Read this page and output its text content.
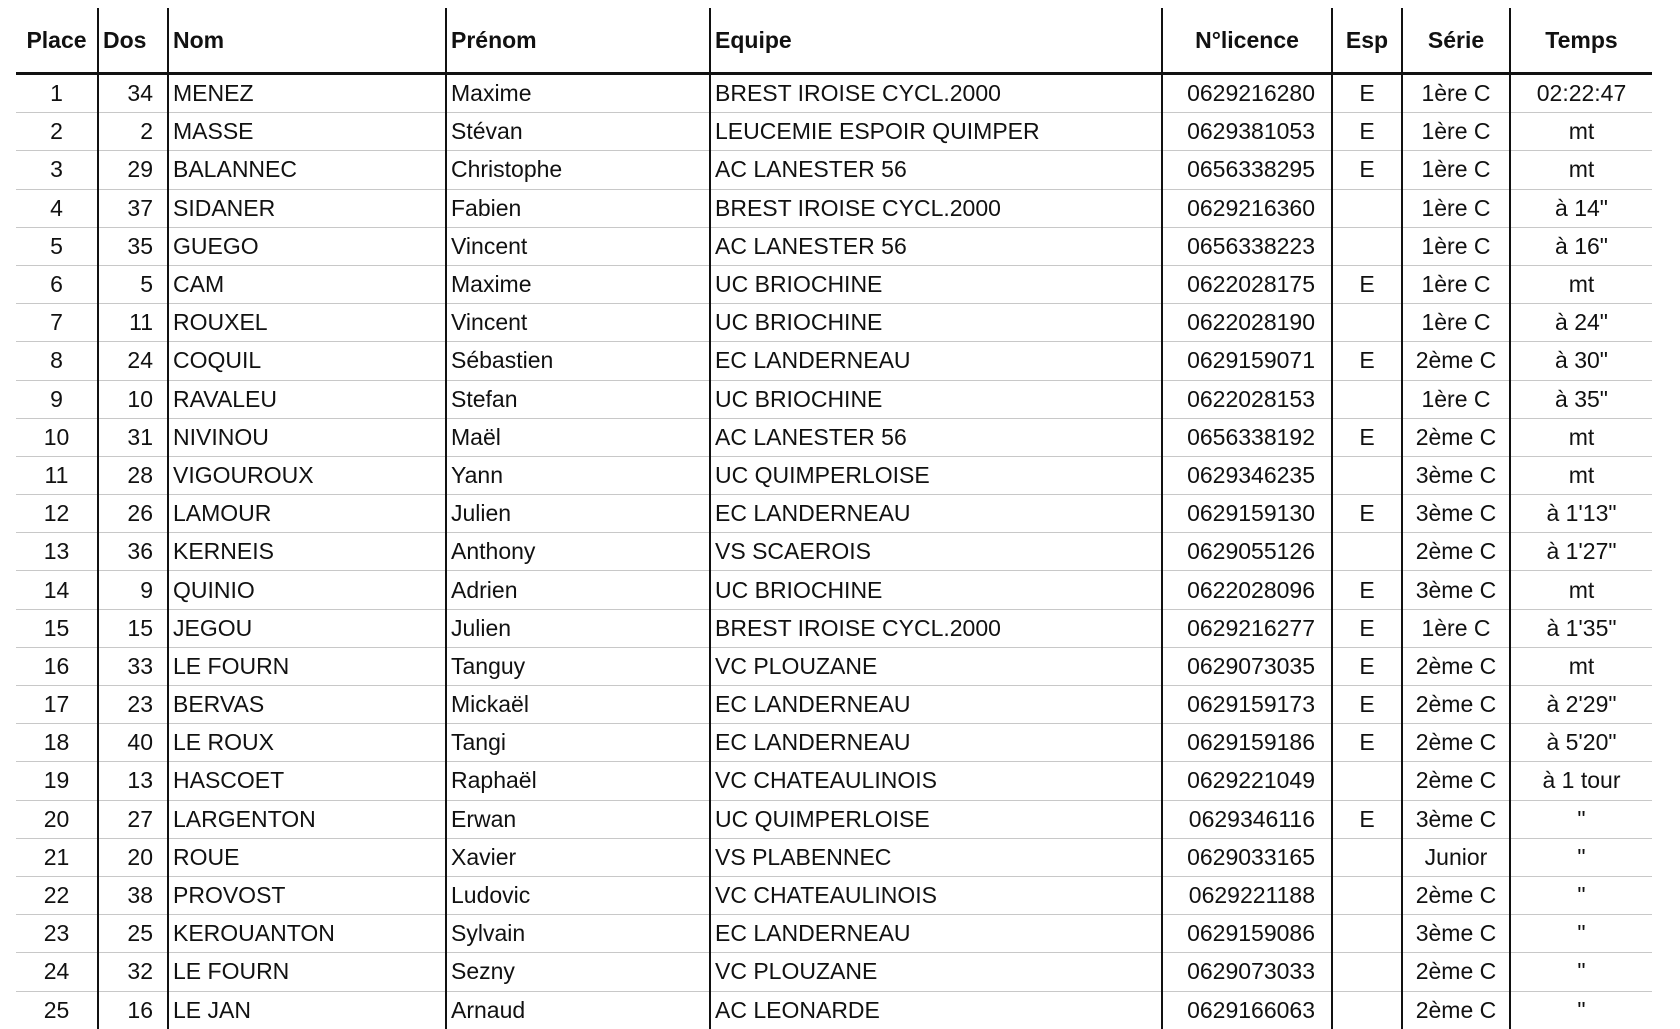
Place	Dos	Nom	Prénom	Equipe	N°licence	Esp	Série	Temps
1	34	MENEZ	Maxime	BREST IROISE CYCL.2000	0629216280	E	1ère C	02:22:47
2	2	MASSE	Stévan	LEUCEMIE ESPOIR QUIMPER	0629381053	E	1ère C	mt
3	29	BALANNEC	Christophe	AC LANESTER 56	0656338295	E	1ère C	mt
4	37	SIDANER	Fabien	BREST IROISE CYCL.2000	0629216360		1ère C	à 14"
5	35	GUEGO	Vincent	AC LANESTER 56	0656338223		1ère C	à 16"
6	5	CAM	Maxime	UC BRIOCHINE	0622028175	E	1ère C	mt
7	11	ROUXEL	Vincent	UC BRIOCHINE	0622028190		1ère C	à 24"
8	24	COQUIL	Sébastien	EC LANDERNEAU	0629159071	E	2ème C	à 30"
9	10	RAVALEU	Stefan	UC BRIOCHINE	0622028153		1ère C	à 35"
10	31	NIVINOU	Maël	AC LANESTER 56	0656338192	E	2ème C	mt
11	28	VIGOUROUX	Yann	UC QUIMPERLOISE	0629346235		3ème C	mt
12	26	LAMOUR	Julien	EC LANDERNEAU	0629159130	E	3ème C	à 1'13"
13	36	KERNEIS	Anthony	VS SCAEROIS	0629055126		2ème C	à 1'27"
14	9	QUINIO	Adrien	UC BRIOCHINE	0622028096	E	3ème C	mt
15	15	JEGOU	Julien	BREST IROISE CYCL.2000	0629216277	E	1ère C	à 1'35"
16	33	LE FOURN	Tanguy	VC PLOUZANE	0629073035	E	2ème C	mt
17	23	BERVAS	Mickaël	EC LANDERNEAU	0629159173	E	2ème C	à 2'29"
18	40	LE ROUX	Tangi	EC LANDERNEAU	0629159186	E	2ème C	à 5'20"
19	13	HASCOET	Raphaël	VC CHATEAULINOIS	0629221049		2ème C	à 1 tour
20	27	LARGENTON	Erwan	UC QUIMPERLOISE	0629346116	E	3ème C	"
21	20	ROUE	Xavier	VS PLABENNEC	0629033165		Junior	"
22	38	PROVOST	Ludovic	VC CHATEAULINOIS	0629221188		2ème C	"
23	25	KEROUANTON	Sylvain	EC LANDERNEAU	0629159086		3ème C	"
24	32	LE FOURN	Sezny	VC PLOUZANE	0629073033		2ème C	"
25	16	LE JAN	Arnaud	AC LEONARDE	0629166063		2ème C	"
